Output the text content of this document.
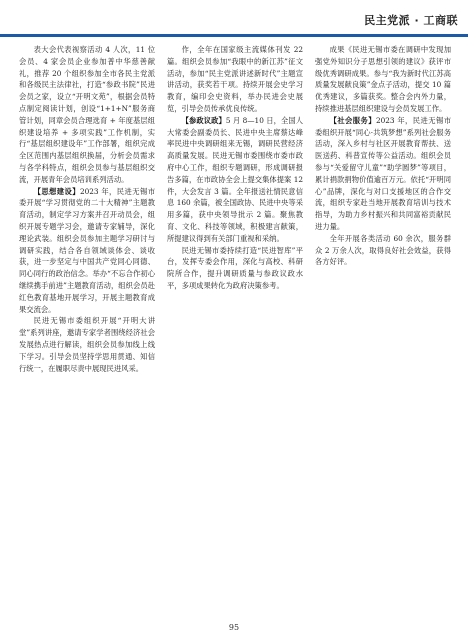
民主党派 · 工商联

表大会代表视察活动 4 人次，11 位会员、4 家会员企业参加普中华慈善献礼，推荐 20 个组织参加全市各民主党派和各级民主法律社，打造“参政书院”民进会员之家，设立“开明文苑”，根据会员特点制定阅读计划，创设“1+1+N”服务商管计划，同章会员合理选育 + 年度基层组织建设培养 + 多项实践”工作机制，实行“基层组织建设年”工作部署，组织完成全区范围内基层组织换届，分析会员需求与各学科特点，组织会员参与基层组织交流，开展青年会员培训系列活动。

【思想建设】2023 年，民进无锡市委开展“学习贯彻党的二十大精神”主题教育活动，制定学习方案并召开动员会，组织开展专题学习会，邀请专家辅导，深化理论武装。组织会员参加主题学习研讨与调研实践，结合各自领域谈体会、谈收获，进一步坚定与中国共产党同心同德、同心同行的政治信念。举办“不忘合作初心 继续携手前进”主题教育活动，组织会员赴红色教育基地开展学习，开展主题教育成果交流会。

民进无锡市委组织开展“开明大讲堂”系列讲座，邀请专家学者围绕经济社会发展热点进行解读，组织会员参加线上线下学习。引导会员坚持学思用贯通、知信行统一，在履职尽责中展现民进风采。

作，全年在国家级主流媒体刊发 22 篇。组织会员参加“我眼中的新江苏”征文活动，参加“民主党派讲述新时代”主题宣讲活动，获奖若干项。持续开展会史学习教育，编印会史资料，举办民进会史展览，引导会员传承优良传统。

【参政议政】5 月 8—10 日，全国人大常委会副委员长、民进中央主席蔡达峰率民进中央调研组来无锡，调研民营经济高质量发展。民进无锡市委围绕市委市政府中心工作，组织专题调研，形成调研报告多篇，在市政协全会上提交集体提案 12 件，大会发言 3 篇。全年报送社情民意信息 160 余篇，被全国政协、民进中央等采用多篇，获中央领导批示 2 篇。聚焦教育、文化、科技等领域，积极建言献策，所提建议得到有关部门重视和采纳。

民进无锡市委持续打造“民进智库”平台，发挥专委会作用，深化与高校、科研院所合作，提升调研质量与参政议政水平，多项成果转化为政府决策参考。

成果《民进无锡市委在调研中发现加强党外知识分子思想引领的建议》获评市级优秀调研成果。参与“我为新时代江苏高质量发展献良策”金点子活动，提交 10 篇优秀建议，多篇获奖。整合会内外力量，持续推进基层组织建设与会员发展工作。

【社会服务】2023 年，民进无锡市委组织开展“同心·共筑梦想”系列社会服务活动，深入乡村与社区开展教育帮扶、送医送药、科普宣传等公益活动。组织会员参与“关爱留守儿童”“助学圆梦”等项目，累计捐款捐物价值逾百万元。依托“开明同心”品牌，深化与对口支援地区的合作交流，组织专家赴当地开展教育培训与技术指导，为助力乡村振兴和共同富裕贡献民进力量。

全年开展各类活动 60 余次，服务群众 2 万余人次，取得良好社会效益，获得各方好评。

95
